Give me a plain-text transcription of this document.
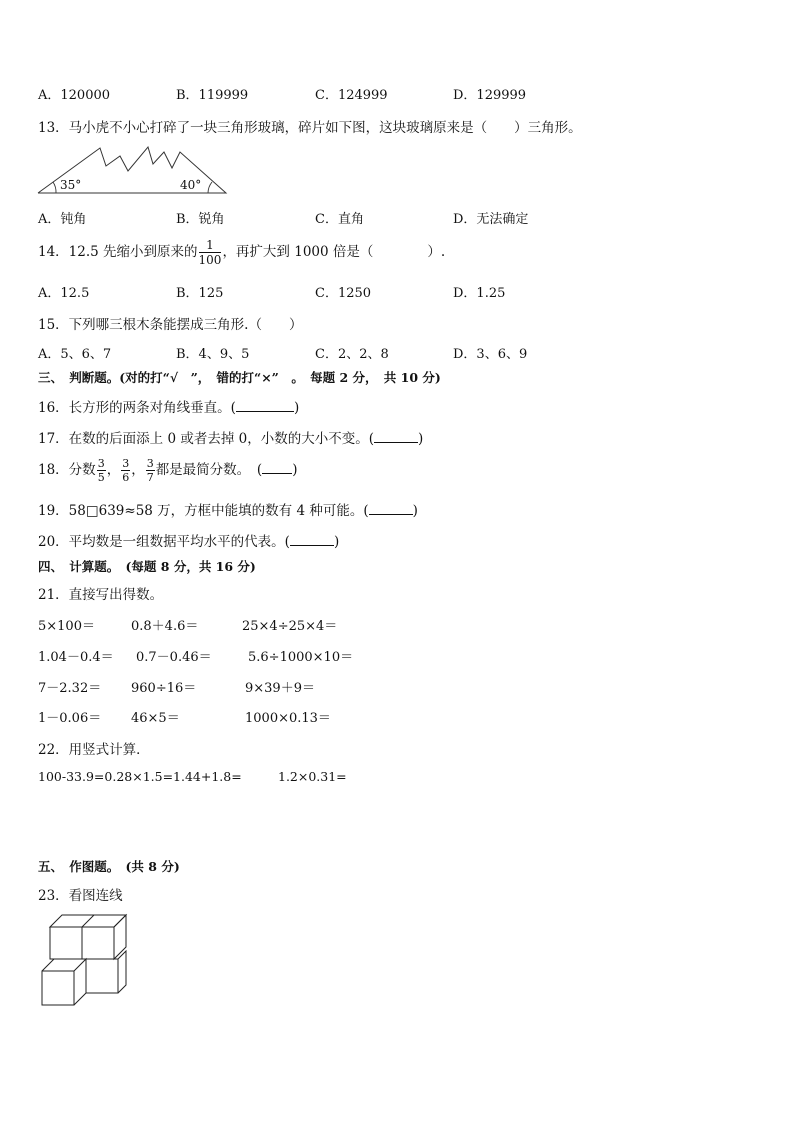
A．120000	B．119999	C．124999	D．129999
13．马小虎不小心打碎了一块三角形玻璃，碎片如下图，这块玻璃原来是（　　）三角形。
35°	40°
A．钝角	B．锐角	C．直角	D．无法确定
14．12.5 先缩小到原来的 $\frac{1}{100}$ ，再扩大到 1000 倍是（　　　　）.
A．12.5	B．125	C．1250	D．1.25
15．下列哪三根木条能摆成三角形.（　　）
A．5、6、7	B．4、9、5	C．2、2、8	D．3、6、9
三、　判断题。(对的打“√　”，　错的打“×”　。　每题 2 分，　共 10 分)
16．长方形的两条对角线垂直。(	)
17．在数的后面添上 0 或者去掉 0，小数的大小不变。(	)
18．分数 $\frac{3}{5}$ ， $\frac{3}{6}$ ， $\frac{3}{7}$ 都是最简分数。　( )
19．58□639≈58 万，方框中能填的数有 4 种可能。(	)
20．平均数是一组数据平均水平的代表。(	)
四、　计算题。　(每题 8 分，共 16 分)
21．直接写出得数。
5×100＝	0.8＋4.6＝	25×4÷25×4＝
1.04－0.4＝ 0.7－0.46＝	5.6÷1000×10＝
7－2.32＝ 960÷16＝	9×39＋9＝
1－0.06＝ 46×5＝	1000×0.13＝
22．用竖式计算．
100-33.9=0.28×1.5=1.44+1.8=	1.2×0.31=
五、　作图题。　(共 8 分)
23．看图连线
